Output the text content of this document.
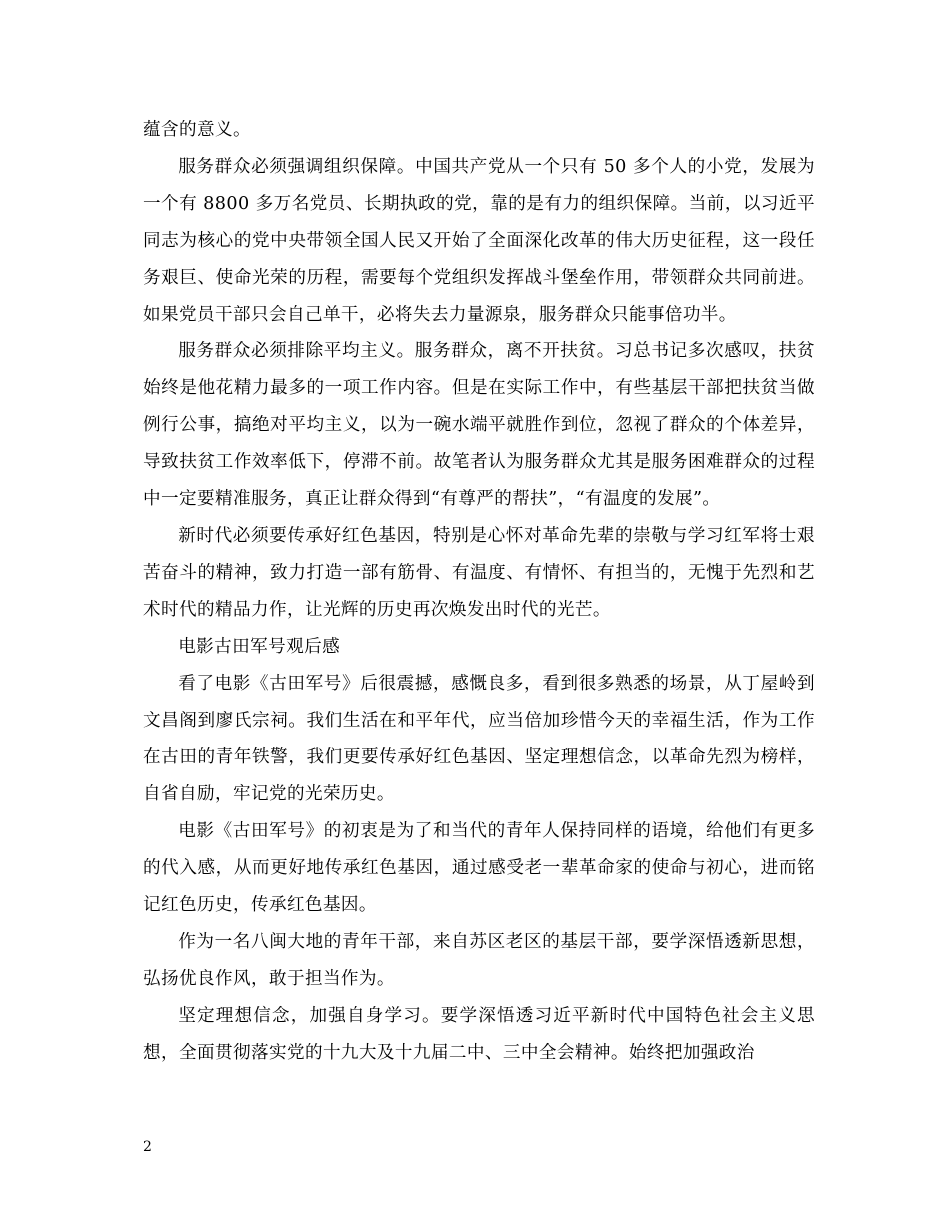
蕴含的意义。

服务群众必须强调组织保障。中国共产党从一个只有 50 多个人的小党，发展为一个有 8800 多万名党员、长期执政的党，靠的是有力的组织保障。当前，以习近平同志为核心的党中央带领全国人民又开始了全面深化改革的伟大历史征程，这一段任务艰巨、使命光荣的历程，需要每个党组织发挥战斗堡垒作用，带领群众共同前进。如果党员干部只会自己单干，必将失去力量源泉，服务群众只能事倍功半。

服务群众必须排除平均主义。服务群众，离不开扶贫。习总书记多次感叹，扶贫始终是他花精力最多的一项工作内容。但是在实际工作中，有些基层干部把扶贫当做例行公事，搞绝对平均主义，以为一碗水端平就胜作到位，忽视了群众的个体差异，导致扶贫工作效率低下，停滞不前。故笔者认为服务群众尤其是服务困难群众的过程中一定要精准服务，真正让群众得到“有尊严的帮扶”，“有温度的发展”。

新时代必须要传承好红色基因，特别是心怀对革命先辈的崇敬与学习红军将士艰苦奋斗的精神，致力打造一部有筋骨、有温度、有情怀、有担当的，无愧于先烈和艺术时代的精品力作，让光辉的历史再次焕发出时代的光芒。

电影古田军号观后感

看了电影《古田军号》后很震撼，感慨良多，看到很多熟悉的场景，从丁屋岭到文昌阁到廖氏宗祠。我们生活在和平年代，应当倍加珍惜今天的幸福生活，作为工作在古田的青年铁警，我们更要传承好红色基因、坚定理想信念，以革命先烈为榜样，自省自励，牢记党的光荣历史。

电影《古田军号》的初衷是为了和当代的青年人保持同样的语境，给他们有更多的代入感，从而更好地传承红色基因，通过感受老一辈革命家的使命与初心，进而铭记红色历史，传承红色基因。

作为一名八闽大地的青年干部，来自苏区老区的基层干部，要学深悟透新思想，弘扬优良作风，敢于担当作为。

坚定理想信念，加强自身学习。要学深悟透习近平新时代中国特色社会主义思想，全面贯彻落实党的十九大及十九届二中、三中全会精神。始终把加强政治

2
